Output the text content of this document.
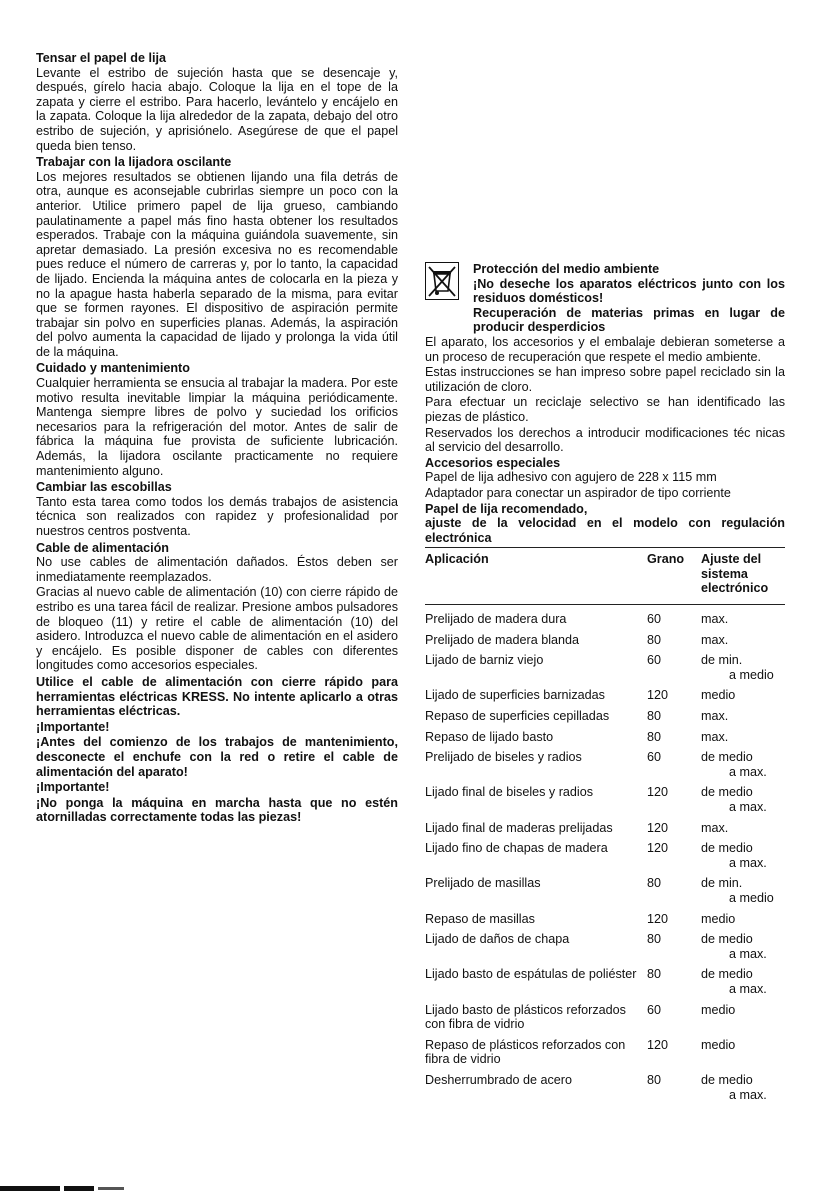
Tensar el papel de lija

Levante el estribo de sujeción hasta que se desencaje y, después, gírelo hacia abajo. Coloque la lija en el tope de la zapata y cierre el estribo. Para hacerlo, levántelo y encájelo en la zapata. Coloque la lija alrededor de la zapata, debajo del otro estribo de sujeción, y aprisiónelo. Asegúrese de que el papel queda bien tenso.

Trabajar con la lijadora oscilante

Los mejores resultados se obtienen lijando una fila detrás de otra, aunque es aconsejable cubrirlas siempre un poco con la anterior. Utilice primero papel de lija grueso, cambiando paulatinamente a papel más fino hasta obtener los resultados esperados. Trabaje con la máquina guiándola suavemente, sin apretar demasiado. La presión excesiva no es recomendable pues reduce el número de carreras y, por lo tanto, la capacidad de lijado. Encienda la máquina antes de colocarla en la pieza y no la apague hasta haberla separado de la misma, para evitar que se formen rayones. El dispositivo de aspiración permite trabajar sin polvo en superficies planas. Además, la aspiración del polvo aumenta la capacidad de lijado y prolonga la vida útil de la máquina.

Cuidado y mantenimiento

Cualquier herramienta se ensucia al trabajar la madera. Por este motivo resulta inevitable limpiar la máquina periódicamente. Mantenga siempre libres de polvo y suciedad los orificios necesarios para la refrigeración del motor. Antes de salir de fábrica la máquina fue provista de suficiente lubricación. Además, la lijadora oscilante practicamente no requiere mantenimiento alguno.

Cambiar las escobillas

Tanto esta tarea como todos los demás trabajos de asistencia técnica son realizados con rapidez y profesionalidad por nuestros centros postventa.

Cable de alimentación

No use cables de alimentación dañados. Éstos deben ser inmediatamente reemplazados.

Gracias al nuevo cable de alimentación (10) con cierre rápido de estribo es una tarea fácil de realizar. Presione ambos pulsadores de bloqueo (11) y retire el cable de alimentación (10) del asidero. Introduzca el nuevo cable de alimentación en el asidero y encájelo. Es posible disponer de cables con diferentes longitudes como accesorios especiales.

Utilice el cable de alimentación con cierre rápido para herramientas eléctricas KRESS. No intente aplicarlo a otras herramientas eléctricas.

¡Importante!

¡Antes del comienzo de los trabajos de mantenimiento, desconecte el enchufe con la red o retire el cable de alimentación del aparato!

¡Importante!

¡No ponga la máquina en marcha hasta que no estén atornilladas correctamente todas las piezas!

Protección del medio ambiente
¡No deseche los aparatos eléctricos junto con los residuos domésticos!
Recuperación de materias primas en lugar de producir desperdicios

El aparato, los accesorios y el embalaje debieran someterse a un proceso de recuperación que respete el medio ambiente.

Estas instrucciones se han impreso sobre papel reciclado sin la utilización de cloro.

Para efectuar un reciclaje selectivo se han identificado las piezas de plástico.

Reservados los derechos a introducir modificaciones téc nicas al servicio del desarrollo.

Accesorios especiales

Papel de lija adhesivo con agujero de 228 x 115 mm

Adaptador para conectar un aspirador de tipo corriente

Papel de lija recomendado,
ajuste de la velocidad en el modelo con regulación electrónica
Aplicación	Grano	Ajuste del sistema electrónico

Prelijado de madera dura	60	max.
Prelijado de madera blanda	80	max.
Lijado de barniz viejo	60	de min.
a medio

Lijado de superficies barnizadas	120	medio
Repaso de superficies cepilladas	80	max.
Repaso de lijado basto	80	max.
Prelijado de biseles y radios	60	de medio
a max.

Lijado final de biseles y radios	120	de medio
a max.

Lijado final de maderas prelijadas	120	max.
Lijado fino de chapas de madera	120	de medio
a max.

Prelijado de masillas	80	de min.
a medio

Repaso de masillas	120	medio
Lijado de daños de chapa	80	de medio
a max.

Lijado basto de espátulas de poliéster	80	de medio
a max.

Lijado basto de plásticos reforzados con fibra de vidrio	60	medio
Repaso de plásticos reforzados con fibra de vidrio	120	medio
Desherrumbrado de acero	80	de medio
a max.
